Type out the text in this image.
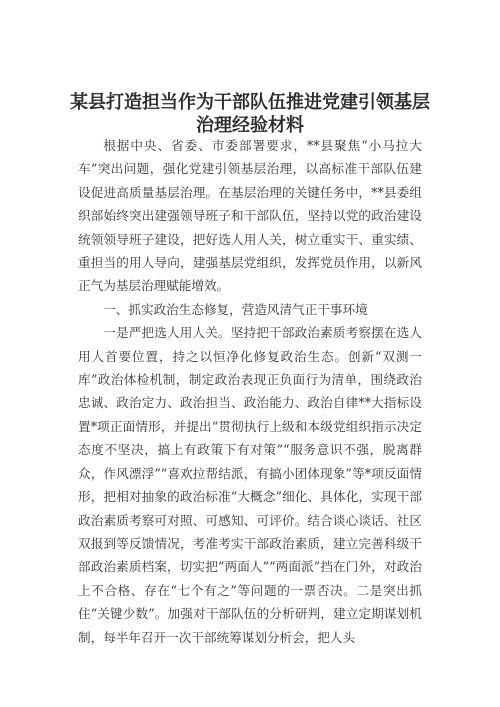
某县打造担当作为干部队伍推进党建引领基层
治理经验材料

根据中央、省委、市委部署要求，**县聚焦“小马拉大车”突出问题，强化党建引领基层治理，以高标准干部队伍建设促进高质量基层治理。在基层治理的关键任务中，**县委组织部始终突出建强领导班子和干部队伍，坚持以党的政治建设统领领导班子建设，把好选人用人关，树立重实干、重实绩、重担当的用人导向，建强基层党组织，发挥党员作用，以新风正气为基层治理赋能增效。

一、抓实政治生态修复，营造风清气正干事环境

一是严把选人用人关。坚持把干部政治素质考察摆在选人用人首要位置，持之以恒净化修复政治生态。创新“双测一库”政治体检机制，制定政治表现正负面行为清单，围绕政治忠诚、政治定力、政治担当、政治能力、政治自律**大指标设置*项正面情形，并提出“贯彻执行上级和本级党组织指示决定态度不坚决，搞上有政策下有对策”“服务意识不强，脱离群众，作风漂浮”“喜欢拉帮结派，有搞小团体现象”等*项反面情形，把相对抽象的政治标准“大概念”细化、具体化，实现干部政治素质考察可对照、可感知、可评价。结合谈心谈话、社区双报到等反馈情况，考准考实干部政治素质，建立完善科级干部政治素质档案，切实把“两面人”“两面派”挡在门外，对政治上不合格、存在“七个有之”等问题的一票否决。二是突出抓住“关键少数”。加强对干部队伍的分析研判，建立定期谋划机制，每半年召开一次干部统筹谋划分析会，把人头
